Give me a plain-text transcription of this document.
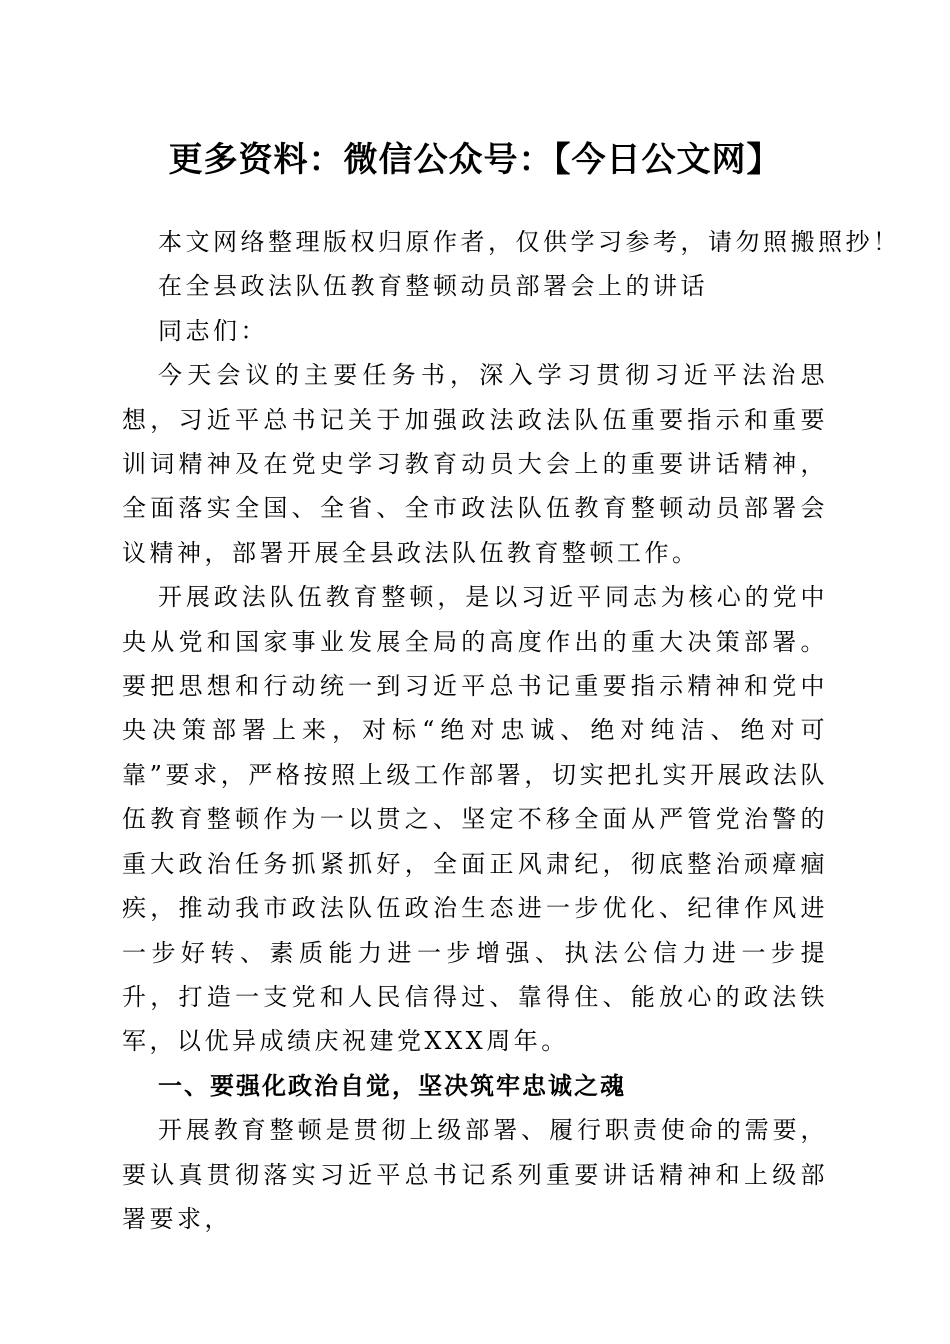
更多资料：微信公众号：【今日公文网】

本文网络整理版权归原作者，仅供学习参考，请勿照搬照抄！

在全县政法队伍教育整顿动员部署会上的讲话

同志们：

今天会议的主要任务书，深入学习贯彻习近平法治思想，习近平总书记关于加强政法政法队伍重要指示和重要训词精神及在党史学习教育动员大会上的重要讲话精神，全面落实全国、全省、全市政法队伍教育整顿动员部署会议精神，部署开展全县政法队伍教育整顿工作。

开展政法队伍教育整顿，是以习近平同志为核心的党中央从党和国家事业发展全局的高度作出的重大决策部署。要把思想和行动统一到习近平总书记重要指示精神和党中央决策部署上来，对标“绝对忠诚、绝对纯洁、绝对可靠”要求，严格按照上级工作部署，切实把扎实开展政法队伍教育整顿作为一以贯之、坚定不移全面从严管党治警的重大政治任务抓紧抓好，全面正风肃纪，彻底整治顽瘴痼疾，推动我市政法队伍政治生态进一步优化、纪律作风进一步好转、素质能力进一步增强、执法公信力进一步提升，打造一支党和人民信得过、靠得住、能放心的政法铁军，以优异成绩庆祝建党XXX周年。

一、要强化政治自觉，坚决筑牢忠诚之魂

开展教育整顿是贯彻上级部署、履行职责使命的需要，要认真贯彻落实习近平总书记系列重要讲话精神和上级部署要求，
